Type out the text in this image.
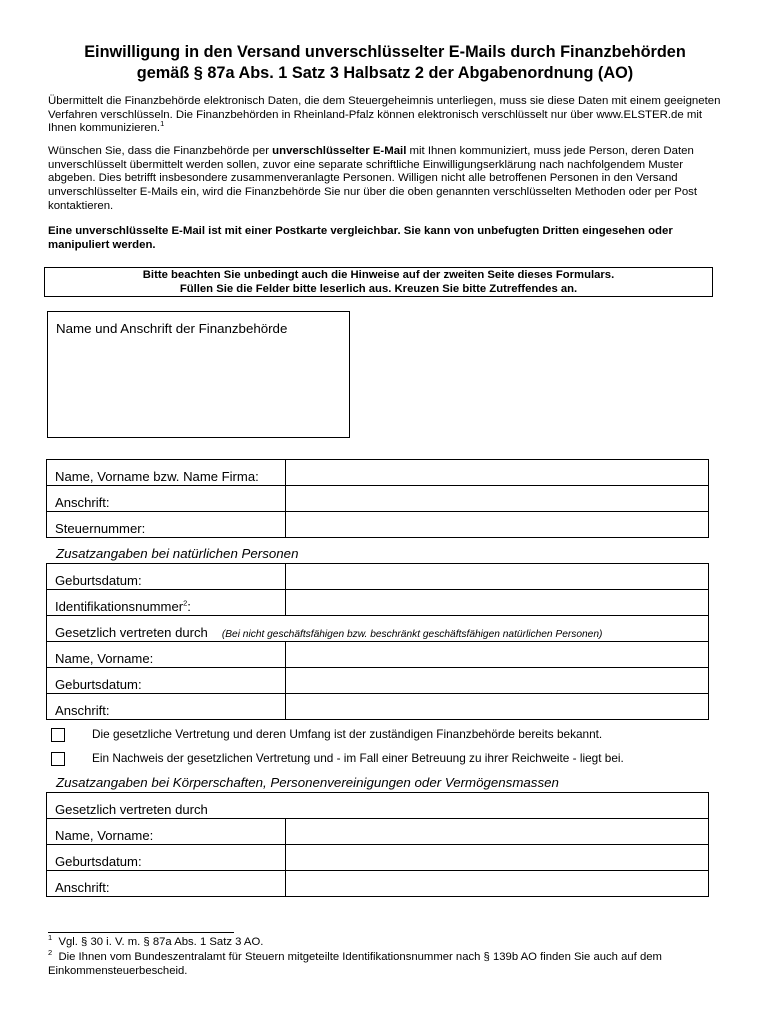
Einwilligung in den Versand unverschlüsselter E-Mails durch Finanzbehörden
gemäß § 87a Abs. 1 Satz 3 Halbsatz 2 der Abgabenordnung (AO)
Übermittelt die Finanzbehörde elektronisch Daten, die dem Steuergeheimnis unterliegen, muss sie diese Daten mit einem geeigneten Verfahren verschlüsseln. Die Finanzbehörden in Rheinland-Pfalz können elektronisch verschlüsselt nur über www.ELSTER.de mit Ihnen kommunizieren.$^1$
Wünschen Sie, dass die Finanzbehörde per unverschlüsselter E-Mail mit Ihnen kommuniziert, muss jede Person, deren Daten unverschlüsselt übermittelt werden sollen, zuvor eine separate schriftliche Einwilligungserklärung nach nachfolgendem Muster abgeben. Dies betrifft insbesondere zusammenveranlagte Personen. Willigen nicht alle betroffenen Personen in den Versand unverschlüsselter E-Mails ein, wird die Finanzbehörde Sie nur über die oben genannten verschlüsselten Methoden oder per Post kontaktieren.
Eine unverschlüsselte E-Mail ist mit einer Postkarte vergleichbar. Sie kann von unbefugten Dritten eingesehen oder manipuliert werden.
Bitte beachten Sie unbedingt auch die Hinweise auf der zweiten Seite dieses Formulars.
Füllen Sie die Felder bitte leserlich aus. Kreuzen Sie bitte Zutreffendes an.
Name und Anschrift der Finanzbehörde
Name, Vorname bzw. Name Firma:	
Anschrift:	
Steuernummer:	
Zusatzangaben bei natürlichen Personen
Geburtsdatum:	
Identifikationsnummer$^2$:	
Gesetzlich vertreten durch (Bei nicht geschäftsfähigen bzw. beschränkt geschäftsfähigen natürlichen Personen)	
Name, Vorname:	
Geburtsdatum:	
Anschrift:	
Die gesetzliche Vertretung und deren Umfang ist der zuständigen Finanzbehörde bereits bekannt.
Ein Nachweis der gesetzlichen Vertretung und - im Fall einer Betreuung zu ihrer Reichweite - liegt bei.
Zusatzangaben bei Körperschaften, Personenvereinigungen oder Vermögensmassen
Gesetzlich vertreten durch	
Name, Vorname:	
Geburtsdatum:	
Anschrift:	
$^1$ Vgl. § 30 i. V. m. § 87a Abs. 1 Satz 3 AO.
$^2$ Die Ihnen vom Bundeszentralamt für Steuern mitgeteilte Identifikationsnummer nach § 139b AO finden Sie auch auf dem Einkommensteuerbescheid.
